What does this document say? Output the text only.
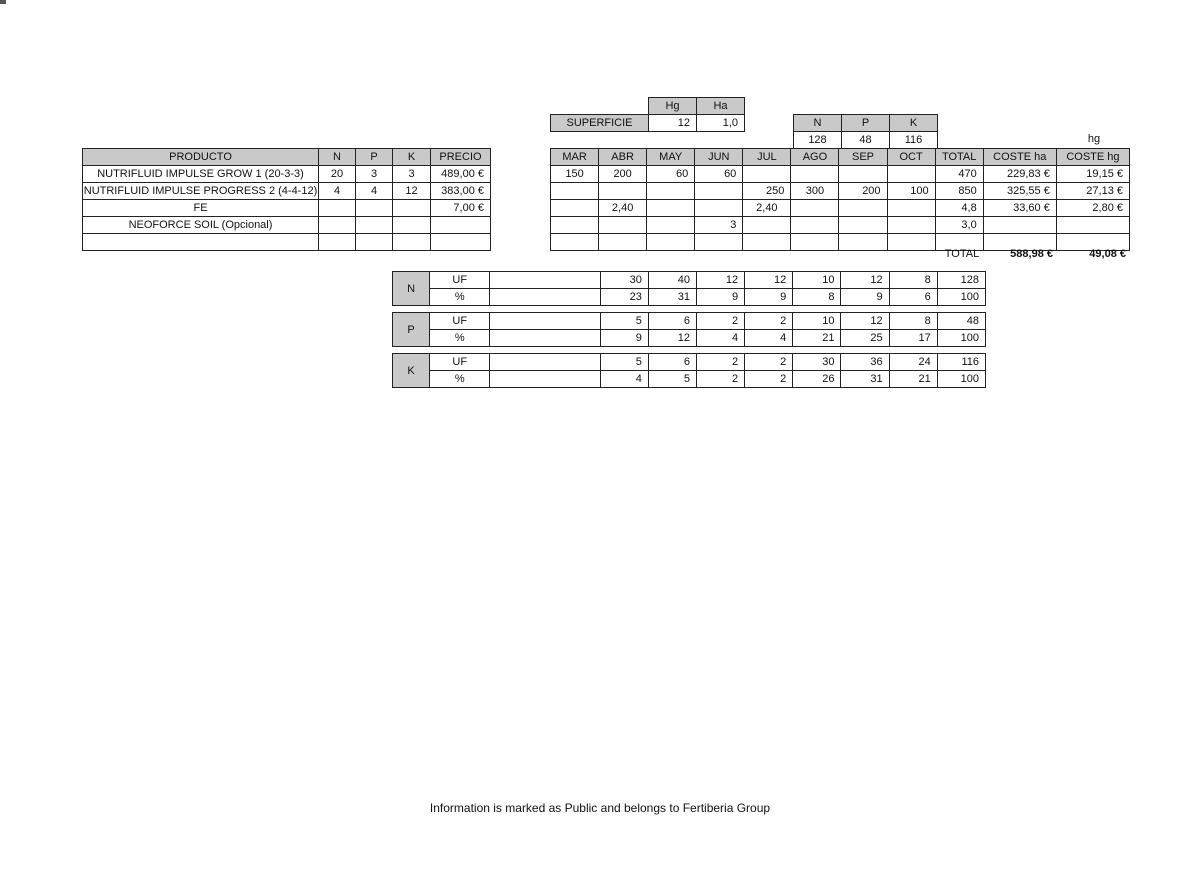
Hg	Ha
SUPERFICIE	12	1,0	N	P	K
128	48	116	hg
PRODUCTO	N	P	K	PRECIO
NUTRIFLUID IMPULSE GROW 1 (20-3-3)	20	3	3	489,00 €
NUTRIFLUID IMPULSE PROGRESS 2 (4-4-12)	4	4	12	383,00 €
FE				7,00 €
NEOFORCE SOIL (Opcional)				

MAR	ABR	MAY	JUN	JUL	AGO	SEP	OCT	TOTAL	COSTE ha	COSTE hg
150	200	60	60					470	229,83 €	19,15 €
				250	300	200	100	850	325,55 €	27,13 €
	2,40			2,40				4,8	33,60 €	2,80 €
			3					3,0		

TOTAL	588,98 €	49,08 €
N	UF		30	40	12	12	10	12	8	128
	%		23	31	9	9	8	9	6	100
P	UF		5	6	2	2	10	12	8	48
	%		9	12	4	4	21	25	17	100
K	UF		5	6	2	2	30	36	24	116
	%		4	5	2	2	26	31	21	100
Information is marked as Public and belongs to Fertiberia Group
